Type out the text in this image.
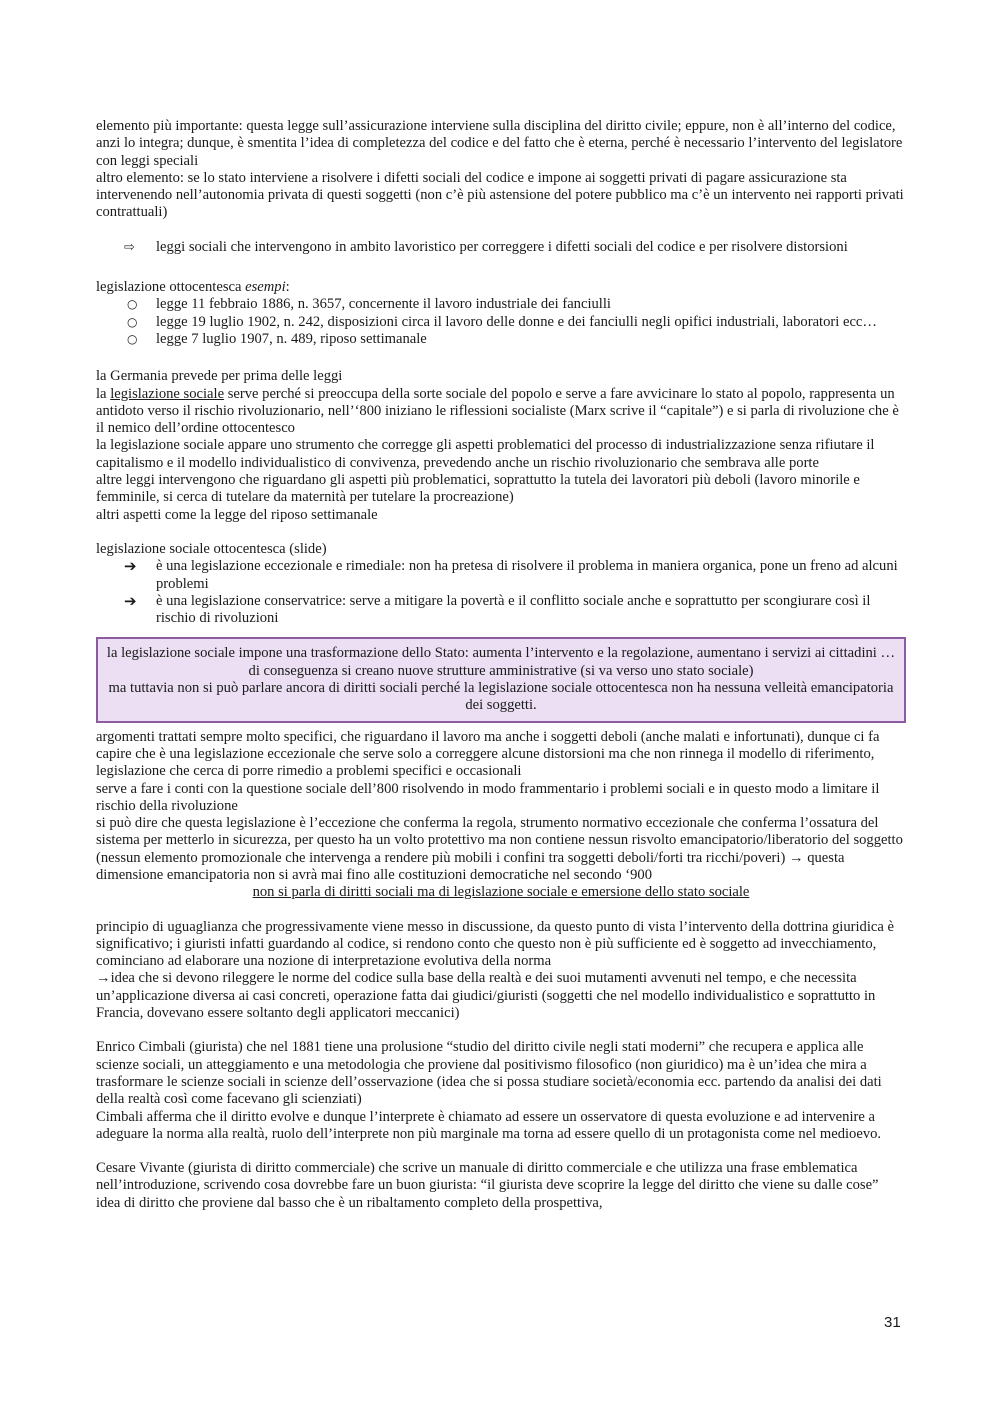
elemento più importante: questa legge sull’assicurazione interviene sulla disciplina del diritto civile; eppure, non è all’interno del codice, anzi lo integra; dunque, è smentita l’idea di completezza del codice e del fatto che è eterna, perché è necessario l’intervento del legislatore con leggi speciali

altro elemento: se lo stato interviene a risolvere i difetti sociali del codice e impone ai soggetti privati di pagare assicurazione sta intervenendo nell’autonomia privata di questi soggetti (non c’è più astensione del potere pubblico ma c’è un intervento nei rapporti privati contrattuali)

⇨	leggi sociali che intervengono in ambito lavoristico per correggere i difetti sociali del codice e per risolvere distorsioni

legislazione ottocentesca esempi:

○	legge 11 febbraio 1886, n. 3657, concernente il lavoro industriale dei fanciulli
○	legge 19 luglio 1902, n. 242, disposizioni circa il lavoro delle donne e dei fanciulli negli opifici industriali, laboratori ecc…
○	legge 7 luglio 1907, n. 489, riposo settimanale

la Germania prevede per prima delle leggi

la legislazione sociale serve perché si preoccupa della sorte sociale del popolo e serve a fare avvicinare lo stato al popolo, rappresenta un antidoto verso il rischio rivoluzionario, nell’‘800 iniziano le riflessioni socialiste (Marx scrive il “capitale”) e si parla di rivoluzione che è il nemico dell’ordine ottocentesco

la legislazione sociale appare uno strumento che corregge gli aspetti problematici del processo di industrializzazione senza rifiutare il capitalismo e il modello individualistico di convivenza, prevedendo anche un rischio rivoluzionario che sembrava alle porte

altre leggi intervengono che riguardano gli aspetti più problematici, soprattutto la tutela dei lavoratori più deboli (lavoro minorile e femminile, si cerca di tutelare da maternità per tutelare la procreazione)

altri aspetti come la legge del riposo settimanale

legislazione sociale ottocentesca (slide)

➔	è una legislazione eccezionale e rimediale: non ha pretesa di risolvere il problema in maniera organica, pone un freno ad alcuni problemi
➔	è una legislazione conservatrice: serve a mitigare la povertà e il conflitto sociale anche e soprattutto per scongiurare così il rischio di rivoluzioni

la legislazione sociale impone una trasformazione dello Stato: aumenta l’intervento e la regolazione, aumentano i servizi ai cittadini … di conseguenza si creano nuove strutture amministrative (si va verso uno stato sociale)

ma tuttavia non si può parlare ancora di diritti sociali perché la legislazione sociale ottocentesca non ha nessuna velleità emancipatoria dei soggetti.

argomenti trattati sempre molto specifici, che riguardano il lavoro ma anche i soggetti deboli (anche malati e infortunati), dunque ci fa capire che è una legislazione eccezionale che serve solo a correggere alcune distorsioni ma che non rinnega il modello di riferimento, legislazione che cerca di porre rimedio a problemi specifici e occasionali

serve a fare i conti con la questione sociale dell’800 risolvendo in modo frammentario i problemi sociali e in questo modo a limitare il rischio della rivoluzione

si può dire che questa legislazione è l’eccezione che conferma la regola, strumento normativo eccezionale che conferma l’ossatura del sistema per metterlo in sicurezza, per questo ha un volto protettivo ma non contiene nessun risvolto emancipatorio/liberatorio del soggetto (nessun elemento promozionale che intervenga a rendere più mobili i confini tra soggetti deboli/forti tra ricchi/poveri) → questa dimensione emancipatoria non si avrà mai fino alle costituzioni democratiche nel secondo ‘900

non si parla di diritti sociali ma di legislazione sociale e emersione dello stato sociale

principio di uguaglianza che progressivamente viene messo in discussione, da questo punto di vista l’intervento della dottrina giuridica è significativo; i giuristi infatti guardando al codice, si rendono conto che questo non è più sufficiente ed è soggetto ad invecchiamento, cominciano ad elaborare una nozione di interpretazione evolutiva della norma

→idea che si devono rileggere le norme del codice sulla base della realtà e dei suoi mutamenti avvenuti nel tempo, e che necessita un’applicazione diversa ai casi concreti, operazione fatta dai giudici/giuristi (soggetti che nel modello individualistico e soprattutto in Francia, dovevano essere soltanto degli applicatori meccanici)

Enrico Cimbali (giurista) che nel 1881 tiene una prolusione “studio del diritto civile negli stati moderni” che recupera e applica alle scienze sociali, un atteggiamento e una metodologia che proviene dal positivismo filosofico (non giuridico) ma è un’idea che mira a trasformare le scienze sociali in scienze dell’osservazione (idea che si possa studiare società/economia ecc. partendo da analisi dei dati della realtà così come facevano gli scienziati)

Cimbali afferma che il diritto evolve e dunque l’interprete è chiamato ad essere un osservatore di questa evoluzione e ad intervenire a adeguare la norma alla realtà, ruolo dell’interprete non più marginale ma torna ad essere quello di un protagonista come nel medioevo.

Cesare Vivante (giurista di diritto commerciale) che scrive un manuale di diritto commerciale e che utilizza una frase emblematica nell’introduzione, scrivendo cosa dovrebbe fare un buon giurista: “il giurista deve scoprire la legge del diritto che viene su dalle cose” idea di diritto che proviene dal basso che è un ribaltamento completo della prospettiva,

31
